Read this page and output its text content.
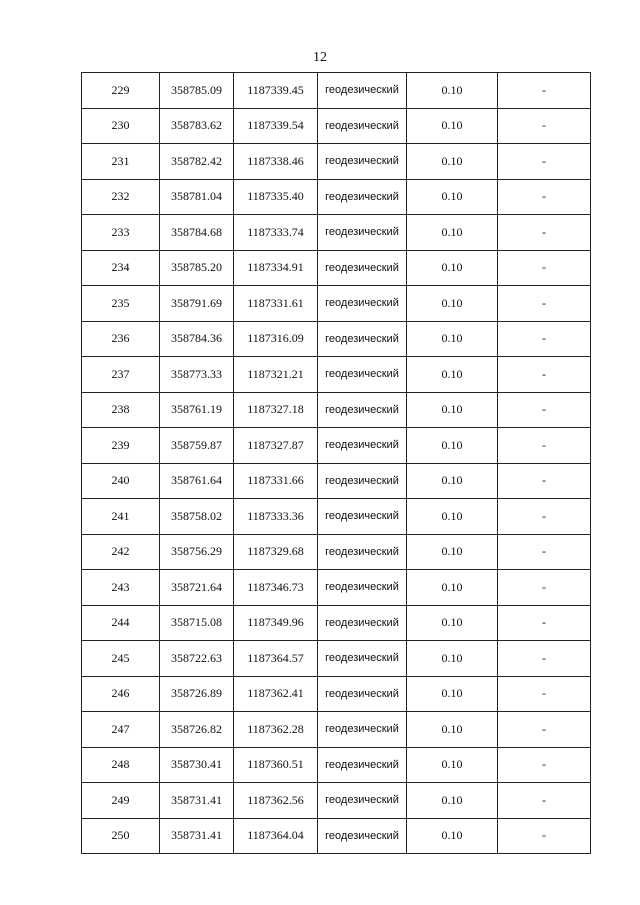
12
229	358785.09	1187339.45	геодезический	0.10	-
230	358783.62	1187339.54	геодезический	0.10	-
231	358782.42	1187338.46	геодезический	0.10	-
232	358781.04	1187335.40	геодезический	0.10	-
233	358784.68	1187333.74	геодезический	0.10	-
234	358785.20	1187334.91	геодезический	0.10	-
235	358791.69	1187331.61	геодезический	0.10	-
236	358784.36	1187316.09	геодезический	0.10	-
237	358773.33	1187321.21	геодезический	0.10	-
238	358761.19	1187327.18	геодезический	0.10	-
239	358759.87	1187327.87	геодезический	0.10	-
240	358761.64	1187331.66	геодезический	0.10	-
241	358758.02	1187333.36	геодезический	0.10	-
242	358756.29	1187329.68	геодезический	0.10	-
243	358721.64	1187346.73	геодезический	0.10	-
244	358715.08	1187349.96	геодезический	0.10	-
245	358722.63	1187364.57	геодезический	0.10	-
246	358726.89	1187362.41	геодезический	0.10	-
247	358726.82	1187362.28	геодезический	0.10	-
248	358730.41	1187360.51	геодезический	0.10	-
249	358731.41	1187362.56	геодезический	0.10	-
250	358731.41	1187364.04	геодезический	0.10	-
